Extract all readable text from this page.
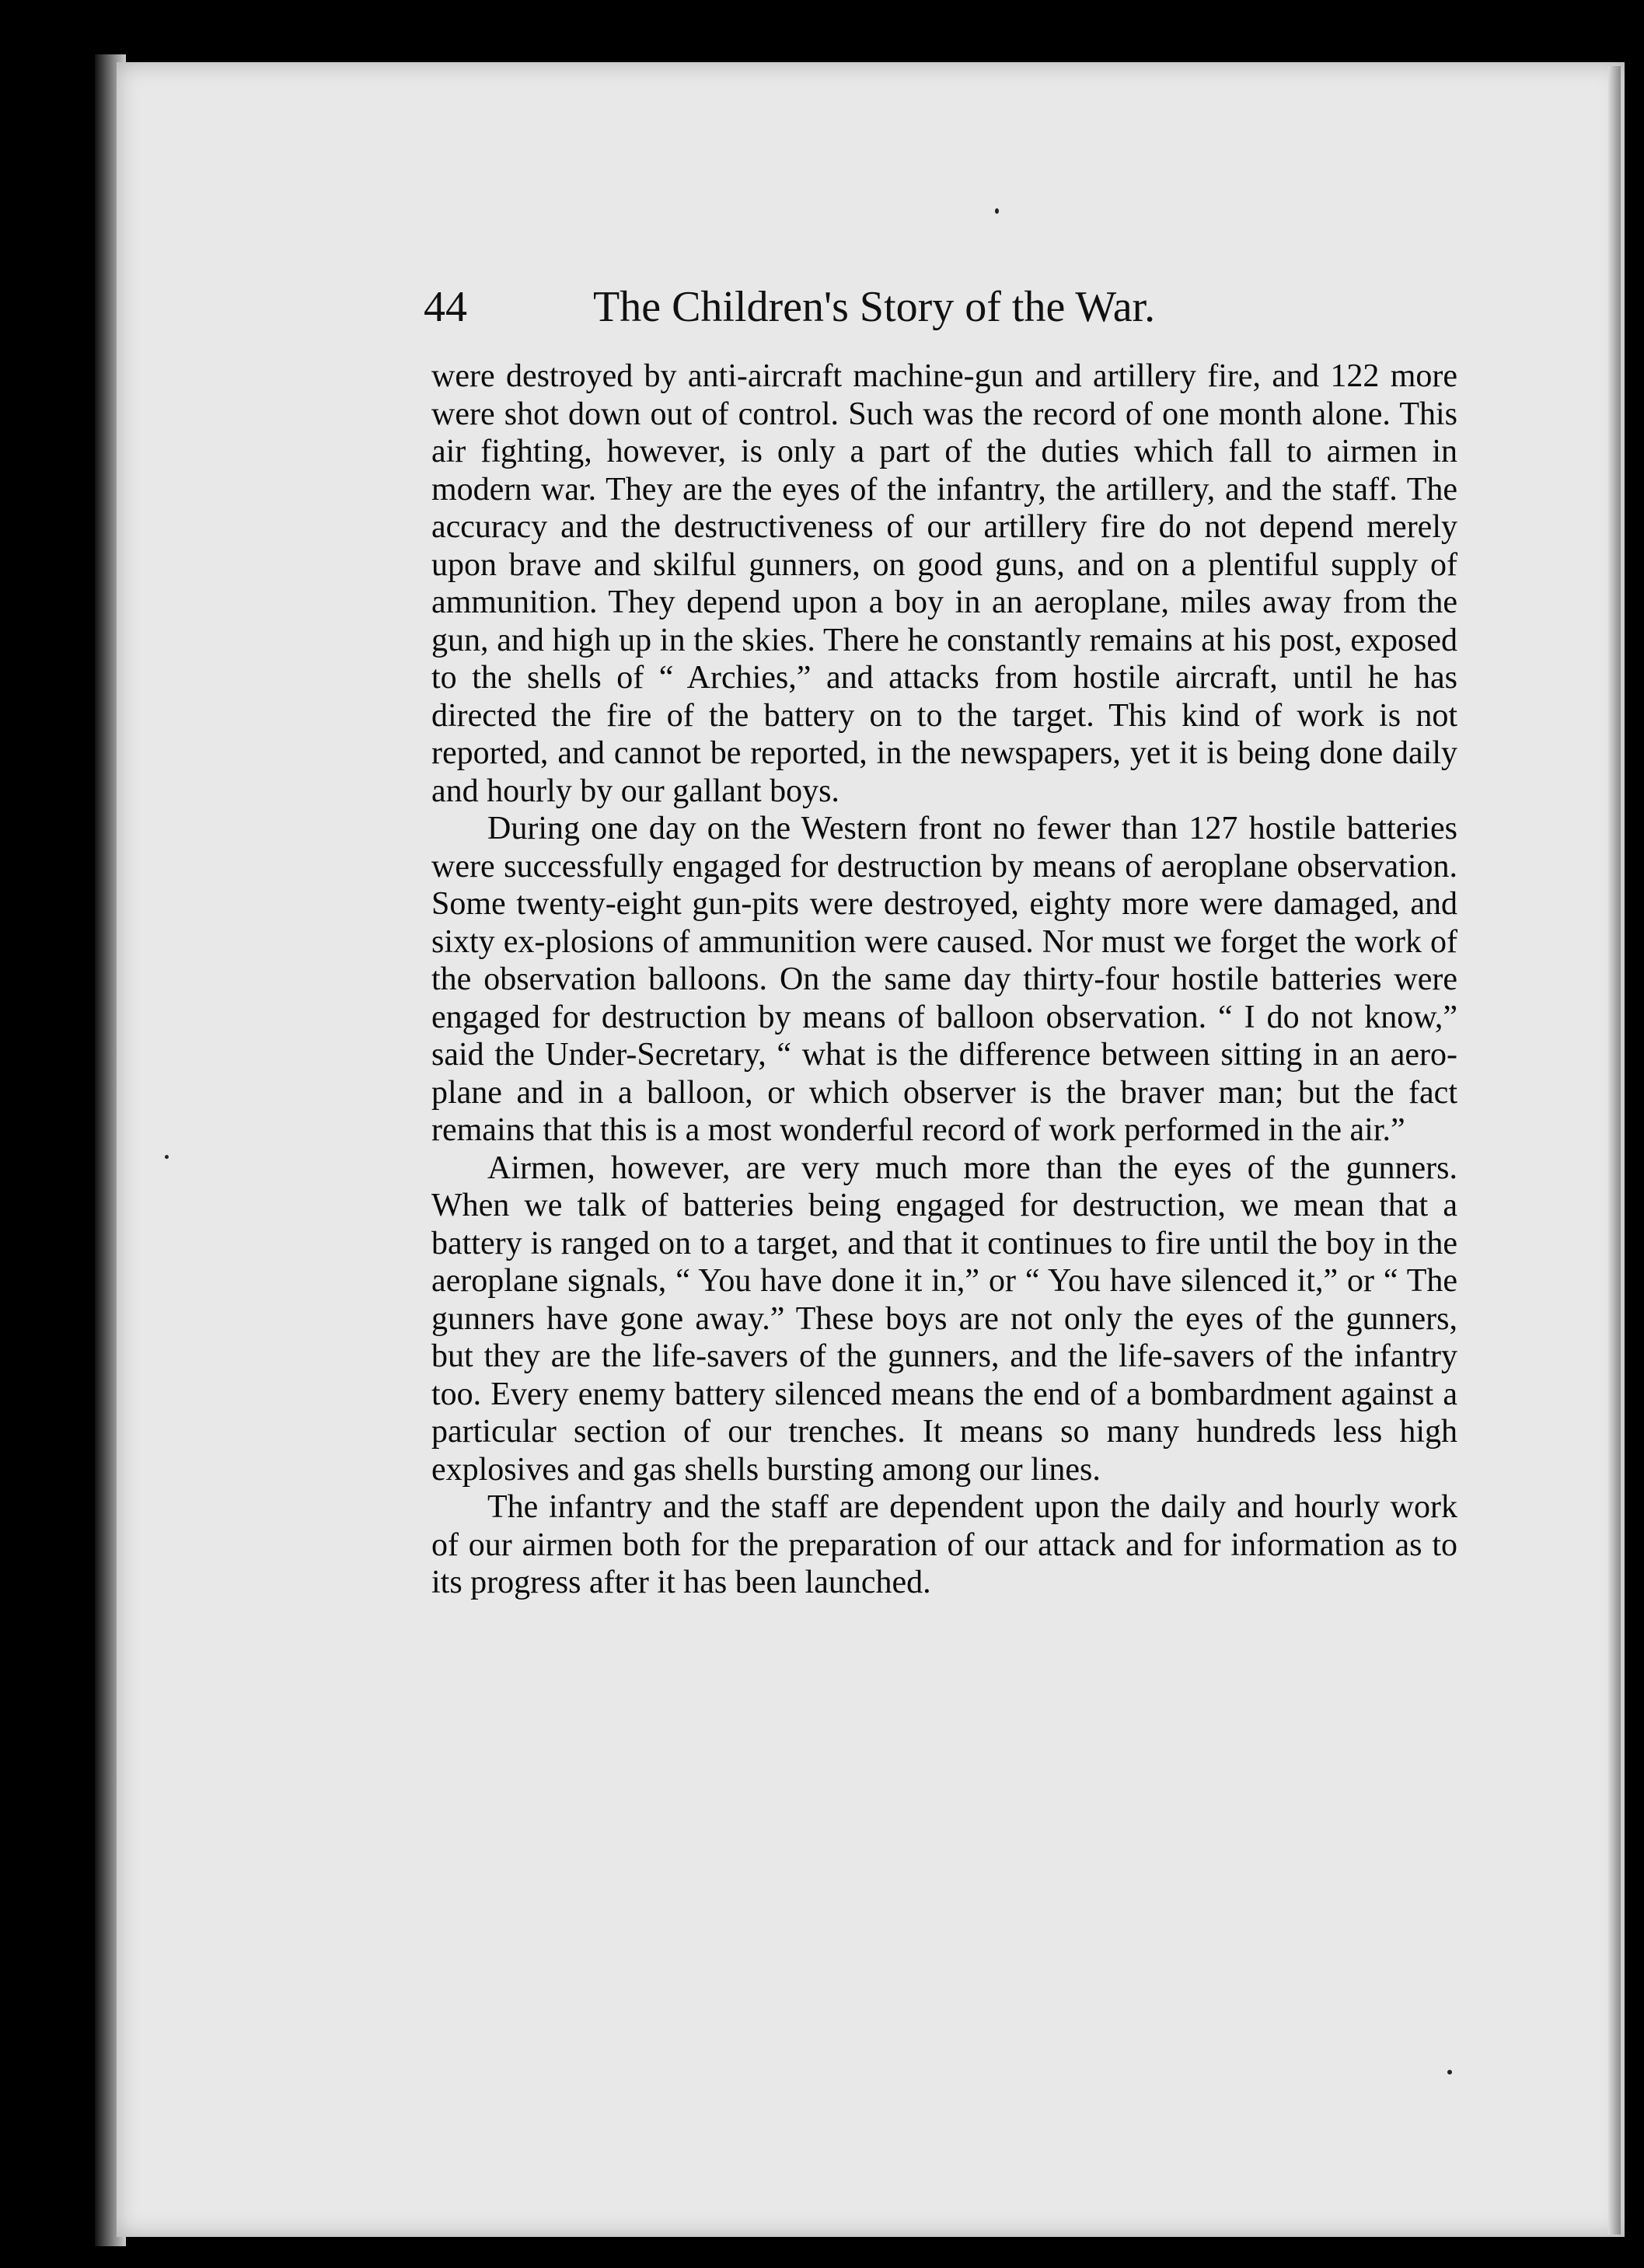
44	The Children's Story of the War.

were destroyed by anti-aircraft machine-gun and artillery fire, and 122 more were shot down out of control. Such was the record of one month alone. This air fighting, however, is only a part of the duties which fall to airmen in modern war. They are the eyes of the infantry, the artillery, and the staff. The accuracy and the destructiveness of our artillery fire do not depend merely upon brave and skilful gunners, on good guns, and on a plentiful supply of ammunition. They depend upon a boy in an aeroplane, miles away from the gun, and high up in the skies. There he constantly remains at his post, exposed to the shells of “ Archies,” and attacks from hostile aircraft, until he has directed the fire of the battery on to the target. This kind of work is not reported, and cannot be reported, in the newspapers, yet it is being done daily and hourly by our gallant boys.

During one day on the Western front no fewer than 127 hostile batteries were successfully engaged for destruction by means of aeroplane observation. Some twenty-eight gun-pits were destroyed, eighty more were damaged, and sixty ex-plosions of ammunition were caused. Nor must we forget the work of the observation balloons. On the same day thirty-four hostile batteries were engaged for destruction by means of balloon observation. “ I do not know,” said the Under-Secretary, “ what is the difference between sitting in an aero-plane and in a balloon, or which observer is the braver man; but the fact remains that this is a most wonderful record of work performed in the air.”

Airmen, however, are very much more than the eyes of the gunners. When we talk of batteries being engaged for destruction, we mean that a battery is ranged on to a target, and that it continues to fire until the boy in the aeroplane signals, “ You have done it in,” or “ You have silenced it,” or “ The gunners have gone away.” These boys are not only the eyes of the gunners, but they are the life-savers of the gunners, and the life-savers of the infantry too. Every enemy battery silenced means the end of a bombardment against a particular section of our trenches. It means so many hundreds less high explosives and gas shells bursting among our lines.

The infantry and the staff are dependent upon the daily and hourly work of our airmen both for the preparation of our attack and for information as to its progress after it has been launched.
